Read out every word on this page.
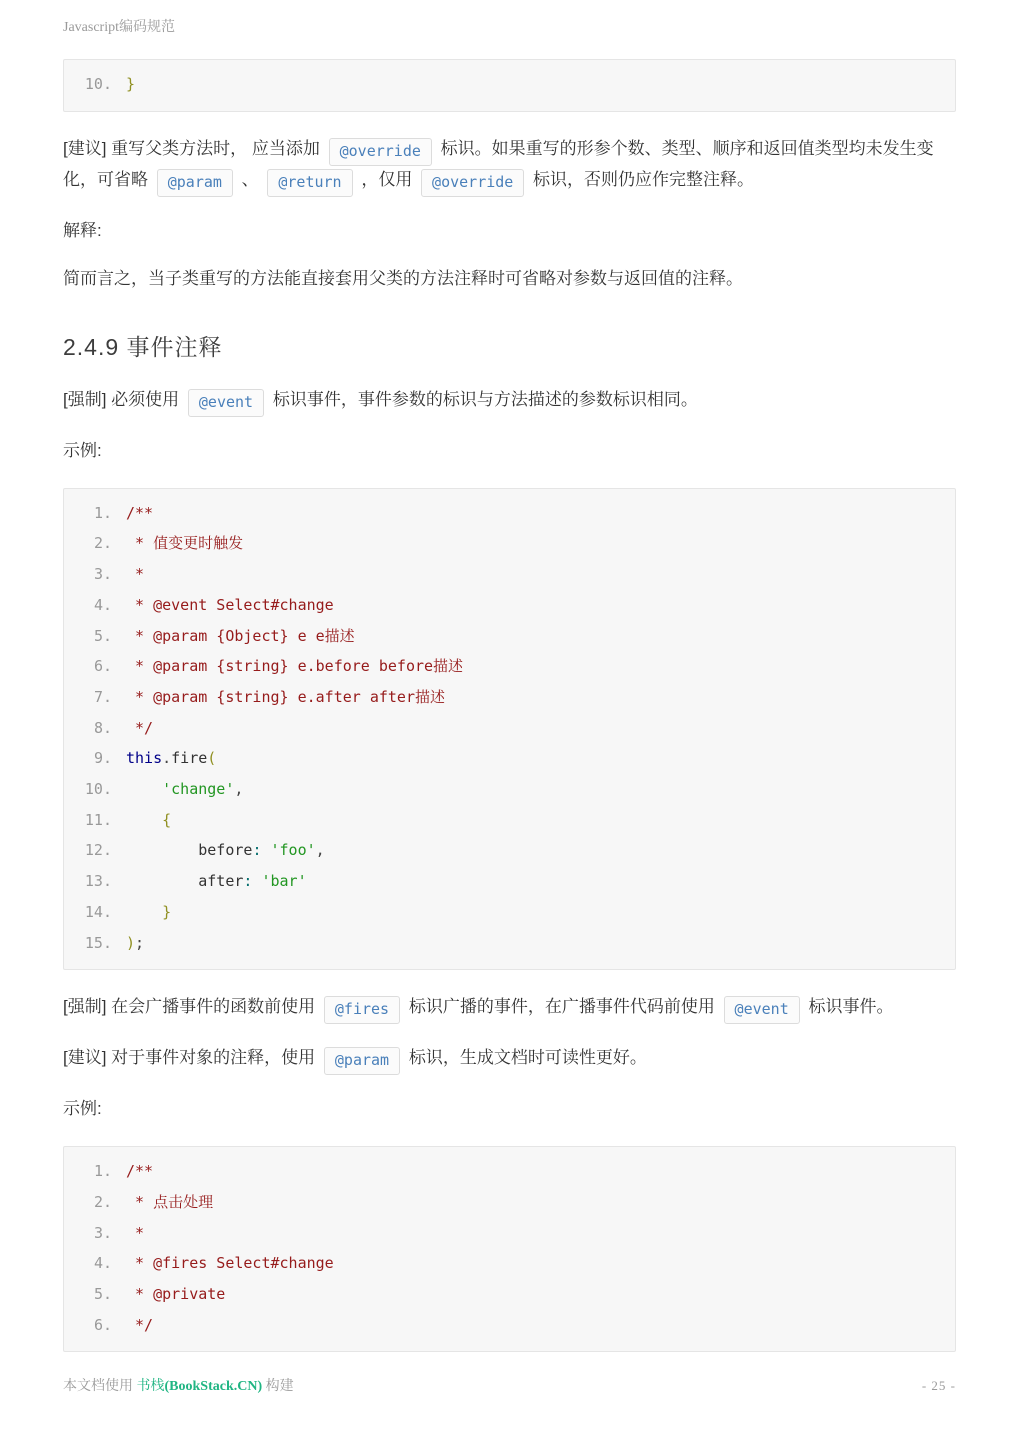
Javascript编码规范
10. }

[建议] 重写父类方法时， 应当添加 @override 标识。如果重写的形参个数、类型、顺序和返回值类型均未发生变化，可省略 @param 、 @return ，仅用 @override 标识，否则仍应作完整注释。

解释:

简而言之，当子类重写的方法能直接套用父类的方法注释时可省略对参数与返回值的注释。

2.4.9 事件注释

[强制] 必须使用 @event 标识事件，事件参数的标识与方法描述的参数标识相同。

示例:

1. /**
2. * 值变更时触发
3. *
4. * @event Select#change
5. * @param {Object} e e描述
6. * @param {string} e.before before描述
7. * @param {string} e.after after描述
8. */
9. this.fire(
10.	'change',
11.	{
12.        before: 'foo',
13.        after: 'bar'
14.	}
15. );

[强制] 在会广播事件的函数前使用 @fires 标识广播的事件，在广播事件代码前使用 @event 标识事件。

[建议] 对于事件对象的注释，使用 @param 标识，生成文档时可读性更好。

示例:

1. /**
2. * 点击处理
3. *
4. * @fires Select#change
5. * @private
6. */
本文档使用 书栈(BookStack.CN) 构建	- 25 -
